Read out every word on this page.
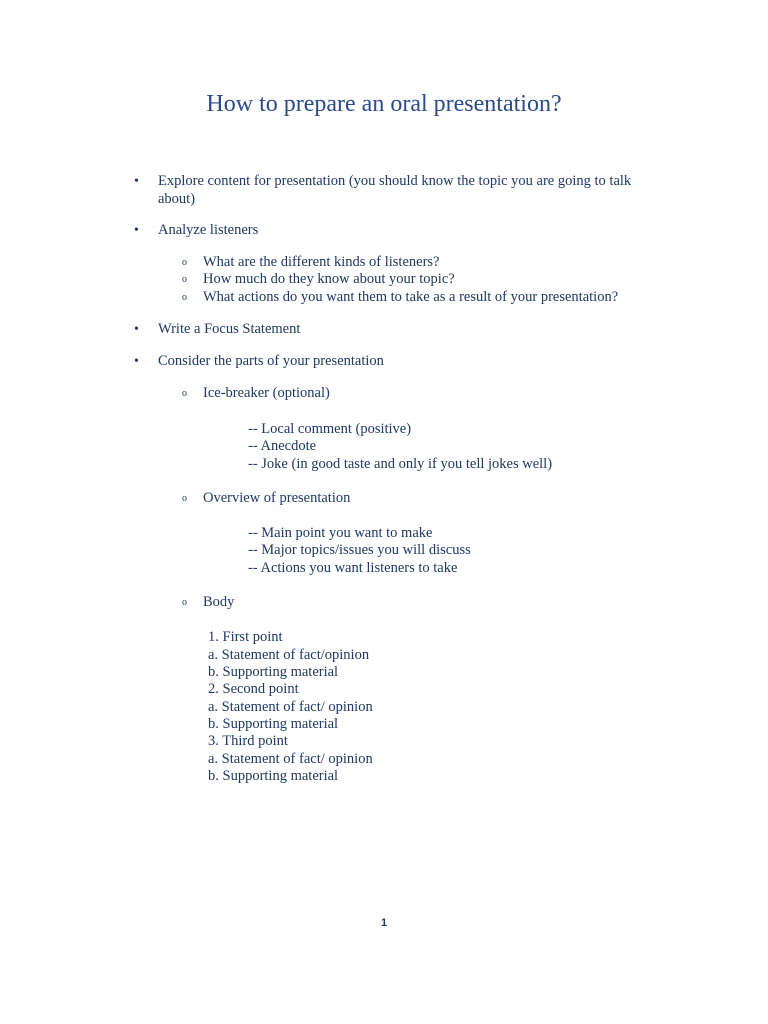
How to prepare an oral presentation?
• Explore content for presentation (you should know the topic you are going to talk about)

• Analyze listeners

o What are the different kinds of listeners?

o How much do they know about your topic?

o What actions do you want them to take as a result of your presentation?

• Write a Focus Statement

• Consider the parts of your presentation

o Ice-breaker (optional)

-- Local comment (positive)

-- Anecdote

-- Joke (in good taste and only if you tell jokes well)

o Overview of presentation

-- Main point you want to make

-- Major topics/issues you will discuss

-- Actions you want listeners to take

o Body

1. First point

a. Statement of fact/opinion

b. Supporting material

2. Second point

a. Statement of fact/ opinion

b. Supporting material

3. Third point

a. Statement of fact/ opinion

b. Supporting material

1
